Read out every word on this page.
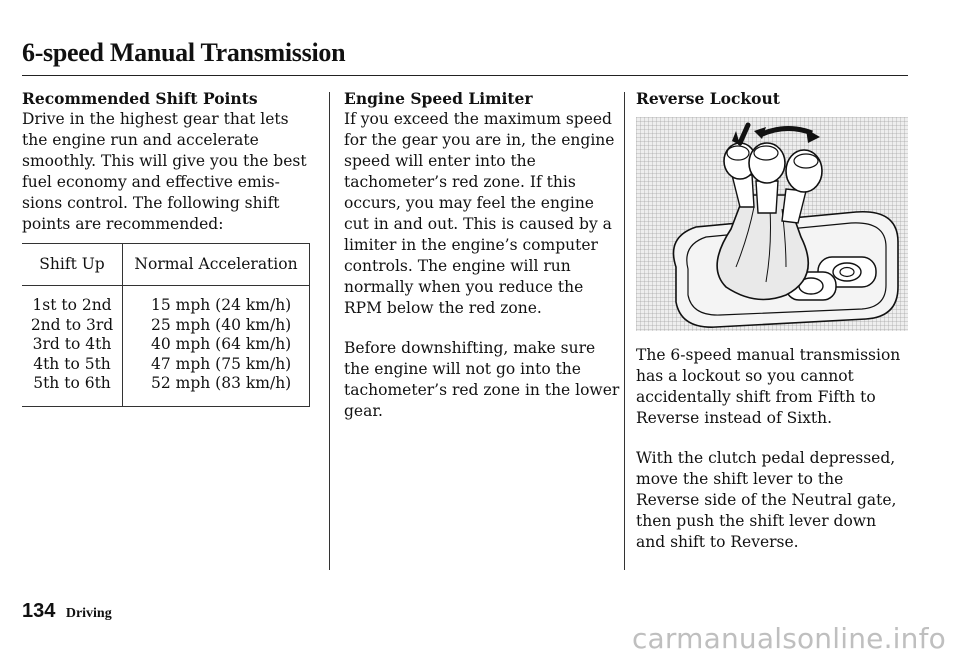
6-speed Manual Transmission
Recommended Shift Points

Drive in the highest gear that lets the engine run and accelerate smoothly. This will give you the best fuel economy and effective emis-sions control. The following shift points are recommended:

Shift Up	Normal Acceleration
1st to 2nd	15 mph (24 km/h)
2nd to 3rd	25 mph (40 km/h)
3rd to 4th	40 mph (64 km/h)
4th to 5th	47 mph (75 km/h)
5th to 6th	52 mph (83 km/h)
Engine Speed Limiter

If you exceed the maximum speed for the gear you are in, the engine speed will enter into the tachometer’s red zone. If this occurs, you may feel the engine cut in and out. This is caused by a limiter in the engine’s computer controls. The engine will run normally when you reduce the RPM below the red zone.

Before downshifting, make sure the engine will not go into the tachometer’s red zone in the lower gear.

Reverse Lockout

The 6-speed manual transmission has a lockout so you cannot accidentally shift from Fifth to Reverse instead of Sixth.

With the clutch pedal depressed, move the shift lever to the Reverse side of the Neutral gate, then push the shift lever down and shift to Reverse.

134 Driving
carmanualsonline.info
